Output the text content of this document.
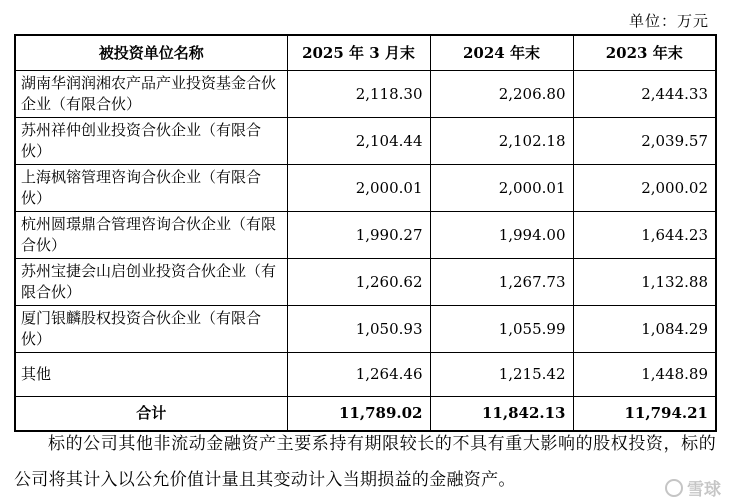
单位：万元
被投资单位名称	2025 年 3 月末	2024 年末	2023 年末
湖南华润润湘农产品产业投资基金合伙企业（有限合伙）	2,118.30	2,206.80	2,444.33
苏州祥仲创业投资合伙企业（有限合伙）	2,104.44	2,102.18	2,039.57
上海枫镕管理咨询合伙企业（有限合伙）	2,000.01	2,000.01	2,000.02
杭州圆璟鼎合管理咨询合伙企业（有限合伙）	1,990.27	1,994.00	1,644.23
苏州宝捷会山启创业投资合伙企业（有限合伙）	1,260.62	1,267.73	1,132.88
厦门银麟股权投资合伙企业（有限合伙）	1,050.93	1,055.99	1,084.29
其他	1,264.46	1,215.42	1,448.89
合计	11,789.02	11,842.13	11,794.21
标的公司其他非流动金融资产主要系持有期限较长的不具有重大影响的股权投资，标的公司将其计入以公允价值计量且其变动计入当期损益的金融资产。	雪球
